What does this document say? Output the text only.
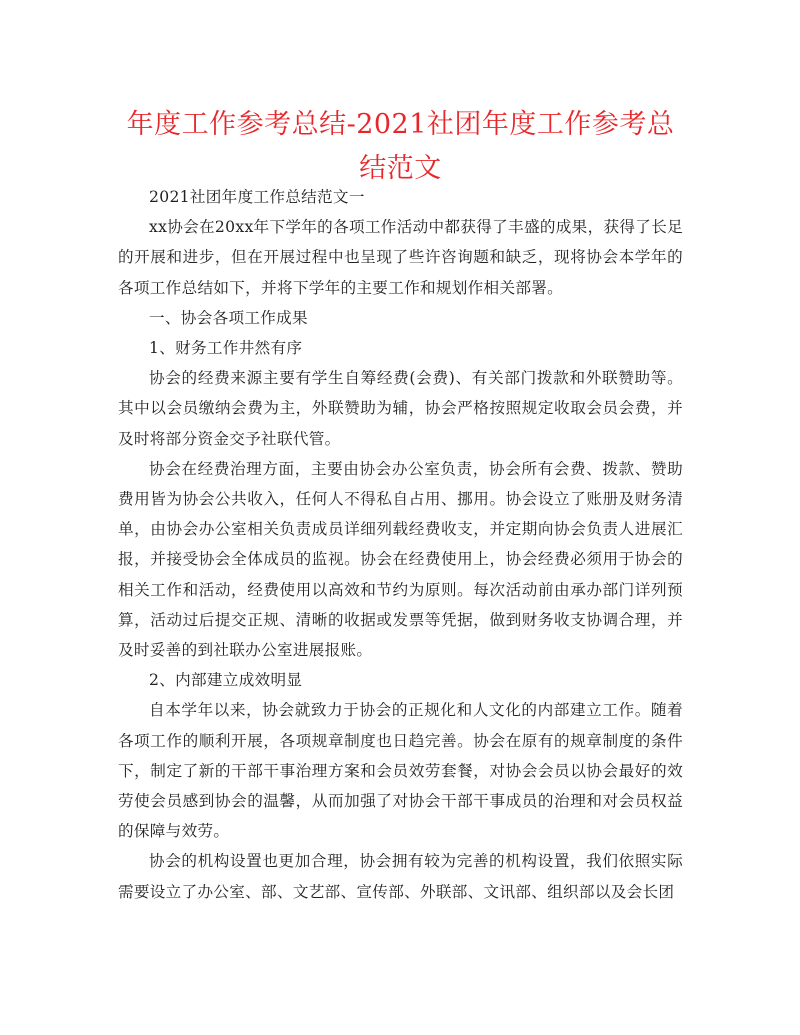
年度工作参考总结-2021社团年度工作参考总结范文

2021社团年度工作总结范文一

xx协会在20xx年下学年的各项工作活动中都获得了丰盛的成果，获得了长足的开展和进步，但在开展过程中也呈现了些许咨询题和缺乏，现将协会本学年的各项工作总结如下，并将下学年的主要工作和规划作相关部署。

一、协会各项工作成果

1、财务工作井然有序

协会的经费来源主要有学生自筹经费(会费)、有关部门拨款和外联赞助等。其中以会员缴纳会费为主，外联赞助为辅，协会严格按照规定收取会员会费，并及时将部分资金交予社联代管。

协会在经费治理方面，主要由协会办公室负责，协会所有会费、拨款、赞助费用皆为协会公共收入，任何人不得私自占用、挪用。协会设立了账册及财务清单，由协会办公室相关负责成员详细列载经费收支，并定期向协会负责人进展汇报，并接受协会全体成员的监视。协会在经费使用上，协会经费必须用于协会的相关工作和活动，经费使用以高效和节约为原则。每次活动前由承办部门详列预算，活动过后提交正规、清晰的收据或发票等凭据，做到财务收支协调合理，并及时妥善的到社联办公室进展报账。

2、内部建立成效明显

自本学年以来，协会就致力于协会的正规化和人文化的内部建立工作。随着各项工作的顺利开展，各项规章制度也日趋完善。协会在原有的规章制度的条件下，制定了新的干部干事治理方案和会员效劳套餐，对协会会员以协会最好的效劳使会员感到协会的温馨，从而加强了对协会干部干事成员的治理和对会员权益的保障与效劳。

协会的机构设置也更加合理，协会拥有较为完善的机构设置，我们依照实际需要设立了办公室、部、文艺部、宣传部、外联部、文讯部、组织部以及会长团
